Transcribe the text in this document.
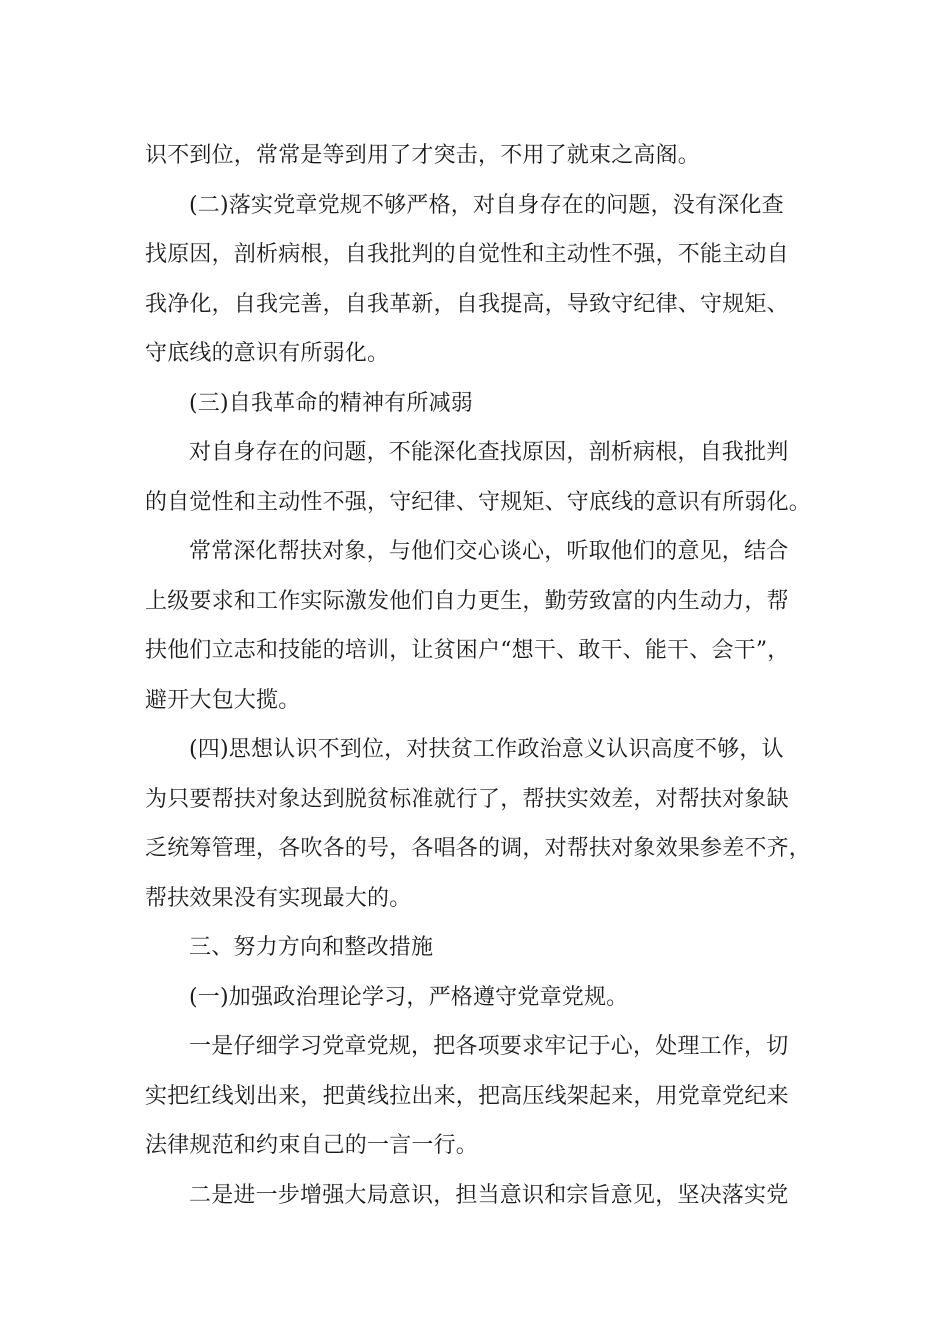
识不到位，常常是等到用了才突击，不用了就束之高阁。
(二)落实党章党规不够严格，对自身存在的问题，没有深化查
找原因，剖析病根，自我批判的自觉性和主动性不强，不能主动自
我净化，自我完善，自我革新，自我提高，导致守纪律、守规矩、
守底线的意识有所弱化。
(三)自我革命的精神有所减弱
对自身存在的问题，不能深化查找原因，剖析病根，自我批判
的自觉性和主动性不强，守纪律、守规矩、守底线的意识有所弱化。
常常深化帮扶对象，与他们交心谈心，听取他们的意见，结合
上级要求和工作实际激发他们自力更生，勤劳致富的内生动力，帮
扶他们立志和技能的培训，让贫困户“想干、敢干、能干、会干”，
避开大包大揽。
(四)思想认识不到位，对扶贫工作政治意义认识高度不够，认
为只要帮扶对象达到脱贫标准就行了，帮扶实效差，对帮扶对象缺
乏统筹管理，各吹各的号，各唱各的调，对帮扶对象效果参差不齐，
帮扶效果没有实现最大的。
三、努力方向和整改措施
(一)加强政治理论学习，严格遵守党章党规。
一是仔细学习党章党规，把各项要求牢记于心，处理工作，切
实把红线划出来，把黄线拉出来，把高压线架起来，用党章党纪来
法律规范和约束自己的一言一行。
二是进一步增强大局意识，担当意识和宗旨意见，坚决落实党
